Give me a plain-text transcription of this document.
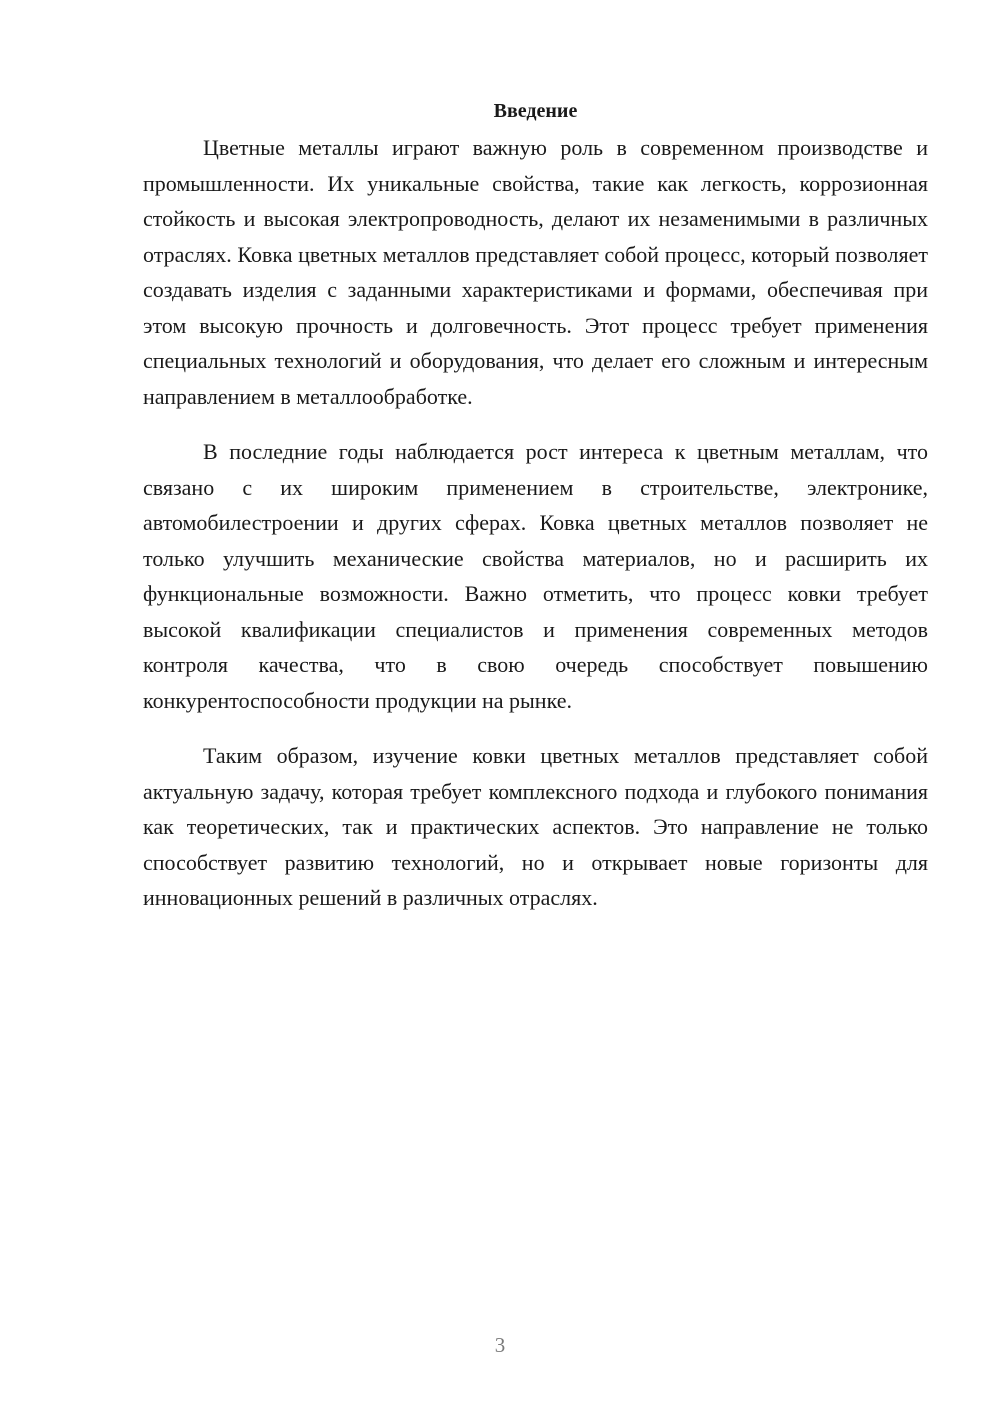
Введение

Цветные металлы играют важную роль в современном производстве и промышленности. Их уникальные свойства, такие как легкость, коррозионная стойкость и высокая электропроводность, делают их незаменимыми в различных отраслях. Ковка цветных металлов представляет собой процесс, который позволяет создавать изделия с заданными характеристиками и формами, обеспечивая при этом высокую прочность и долговечность. Этот процесс требует применения специальных технологий и оборудования, что делает его сложным и интересным направлением в металлообработке.

В последние годы наблюдается рост интереса к цветным металлам, что связано с их широким применением в строительстве, электронике, автомобилестроении и других сферах. Ковка цветных металлов позволяет не только улучшить механические свойства материалов, но и расширить их функциональные возможности. Важно отметить, что процесс ковки требует высокой квалификации специалистов и применения современных методов контроля качества, что в свою очередь способствует повышению конкурентоспособности продукции на рынке.

Таким образом, изучение ковки цветных металлов представляет собой актуальную задачу, которая требует комплексного подхода и глубокого понимания как теоретических, так и практических аспектов. Это направление не только способствует развитию технологий, но и открывает новые горизонты для инновационных решений в различных отраслях.

3
